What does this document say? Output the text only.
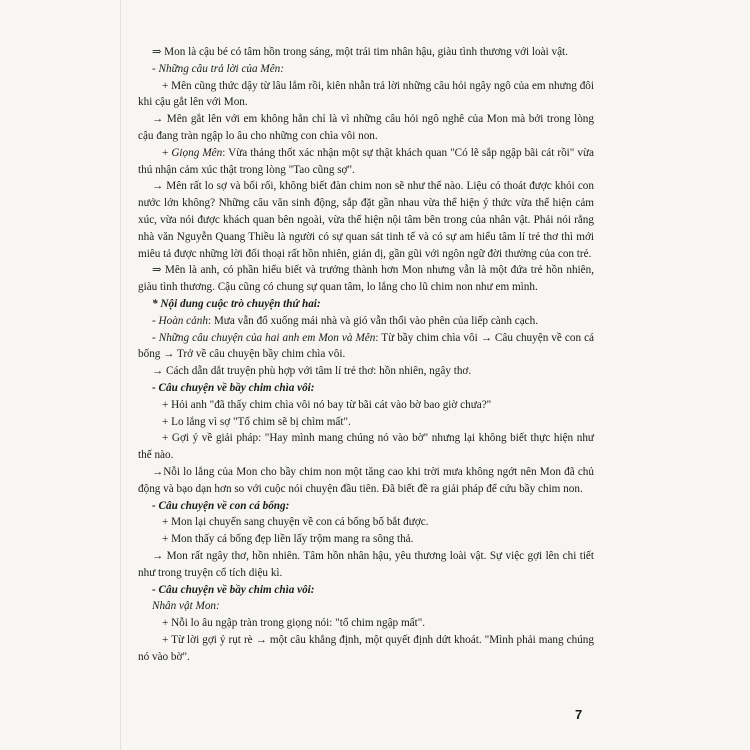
⇒ Mon là cậu bé có tâm hồn trong sáng, một trái tim nhân hậu, giàu tình thương với loài vật.

- Những câu trả lời của Mên:

+ Mên cũng thức dậy từ lâu lắm rồi, kiên nhẫn trả lời những câu hỏi ngây ngô của em nhưng đôi khi cậu gắt lên với Mon.

→ Mên gắt lên với em không hẳn chỉ là vì những câu hỏi ngô nghê của Mon mà bởi trong lòng cậu đang tràn ngập lo âu cho những con chìa vôi non.

+ Giọng Mên: Vừa thảng thốt xác nhận một sự thật khách quan "Có lẽ sắp ngập bãi cát rồi" vừa thú nhận cảm xúc thật trong lòng "Tao cũng sợ".

→ Mên rất lo sợ và bối rối, không biết đàn chim non sẽ như thế nào. Liệu có thoát được khỏi con nước lớn không? Những câu văn sinh động, sắp đặt gần nhau vừa thể hiện ý thức vừa thể hiện cảm xúc, vừa nói được khách quan bên ngoài, vừa thể hiện nội tâm bên trong của nhân vật. Phải nói rằng nhà văn Nguyễn Quang Thiều là người có sự quan sát tinh tế và có sự am hiểu tâm lí trẻ thơ thì mới miêu tả được những lời đối thoại rất hồn nhiên, giản dị, gần gũi với ngôn ngữ đời thường của con trẻ.

⇒ Mên là anh, có phần hiểu biết và trưởng thành hơn Mon nhưng vẫn là một đứa trẻ hồn nhiên, giàu tình thương. Cậu cũng có chung sự quan tâm, lo lắng cho lũ chim non như em mình.

* Nội dung cuộc trò chuyện thứ hai:

- Hoàn cảnh: Mưa vẫn đổ xuống mái nhà và gió vẫn thổi vào phên của liếp cành cạch.

- Những câu chuyện của hai anh em Mon và Mên: Từ bầy chim chìa vôi → Câu chuyện về con cá bống → Trở về câu chuyện bầy chim chìa vôi.

→ Cách dẫn dắt truyện phù hợp với tâm lí trẻ thơ: hồn nhiên, ngây thơ.

- Câu chuyện về bầy chim chìa vôi:

+ Hỏi anh "đã thấy chim chìa vôi nó bay từ bãi cát vào bờ bao giờ chưa?"

+ Lo lắng vì sợ "Tổ chim sẽ bị chìm mất".

+ Gợi ý về giải pháp: "Hay mình mang chúng nó vào bờ" nhưng lại không biết thực hiện như thế nào.

→Nỗi lo lắng của Mon cho bầy chim non một tăng cao khi trời mưa không ngớt nên Mon đã chủ động và bạo dạn hơn so với cuộc nói chuyện đầu tiên. Đã biết đề ra giải pháp để cứu bầy chim non.

- Câu chuyện về con cá bống:

+ Mon lại chuyển sang chuyện về con cá bống bố bắt được.

+ Mon thấy cá bống đẹp liền lấy trộm mang ra sông thả.

→ Mon rất ngây thơ, hồn nhiên. Tâm hồn nhân hậu, yêu thương loài vật. Sự việc gợi lên chi tiết như trong truyện cổ tích diệu kì.

- Câu chuyện về bầy chim chìa vôi:

Nhân vật Mon:

+ Nỗi lo âu ngập tràn trong giọng nói: "tổ chim ngập mất".

+ Từ lời gợi ý rụt rè → một câu khẳng định, một quyết định dứt khoát. "Mình phải mang chúng nó vào bờ".

7
